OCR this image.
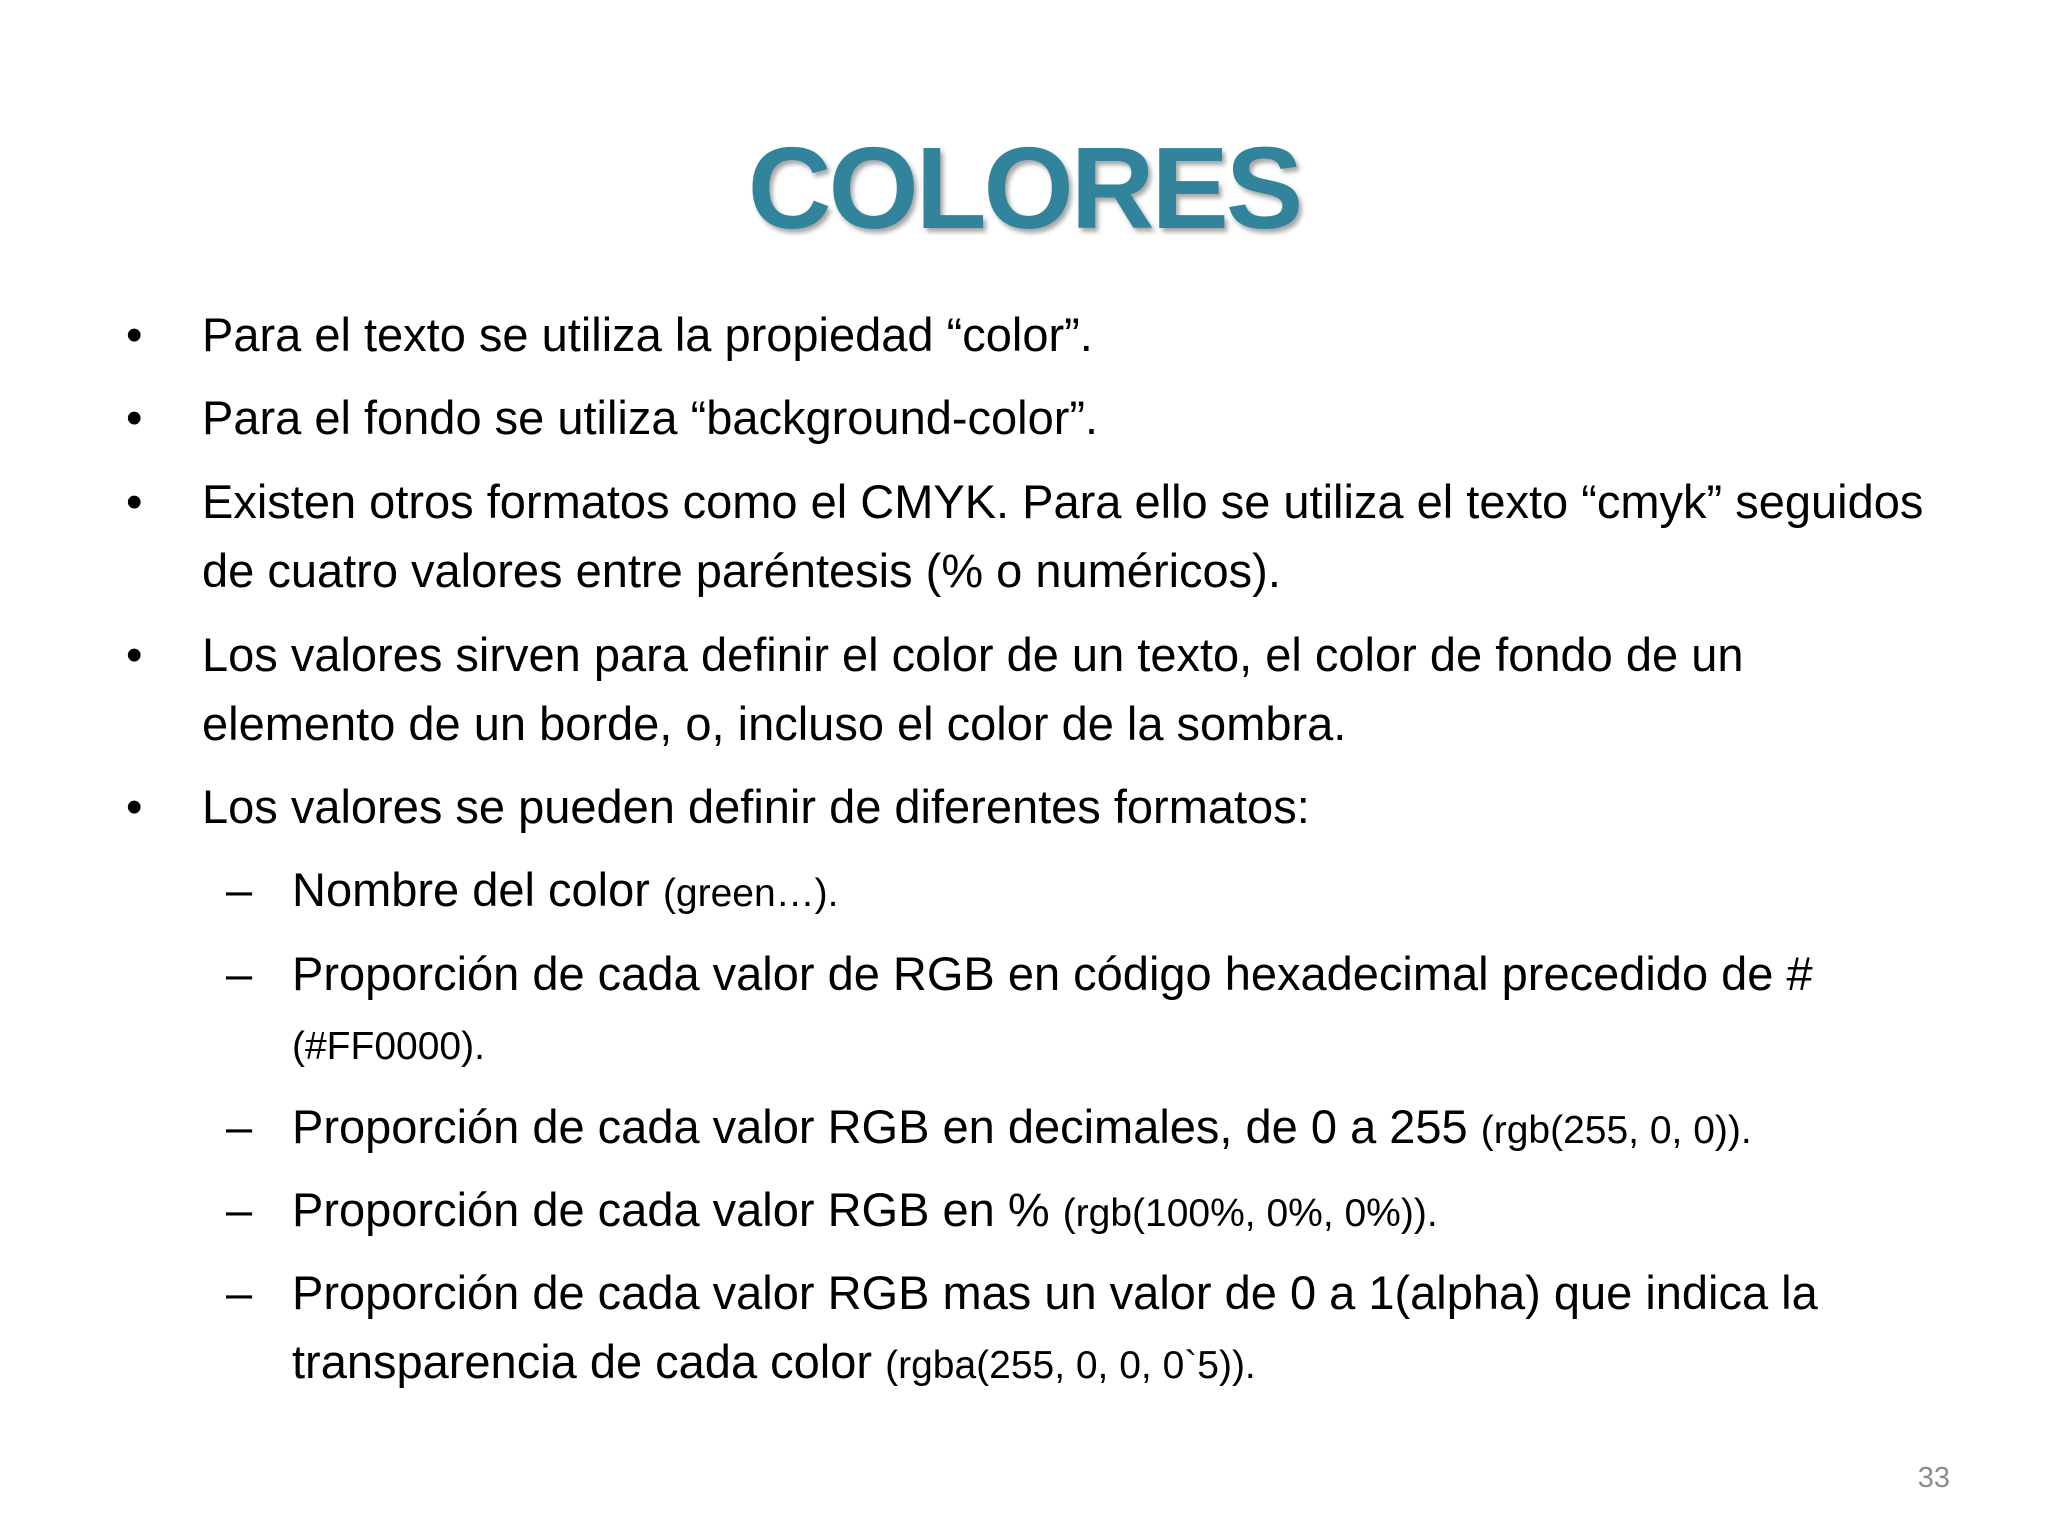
COLORES
• Para el texto se utiliza la propiedad “color”.
• Para el fondo se utiliza “background-color”.
• Existen otros formatos como el CMYK. Para ello se utiliza el texto “cmyk” seguidos de cuatro valores entre paréntesis (% o numéricos).
• Los valores sirven para definir el color de un texto, el color de fondo de un elemento de un borde, o, incluso el color de la sombra.
• Los valores se pueden definir de diferentes formatos:
– Nombre del color (green…).
– Proporción de cada valor de RGB en código hexadecimal precedido de # (#FF0000).
– Proporción de cada valor RGB en decimales, de 0 a 255 (rgb(255, 0, 0)).
– Proporción de cada valor RGB en % (rgb(100%, 0%, 0%)).
– Proporción de cada valor RGB mas un valor de 0 a 1(alpha) que indica la transparencia de cada color (rgba(255, 0, 0, 0`5)).
33
